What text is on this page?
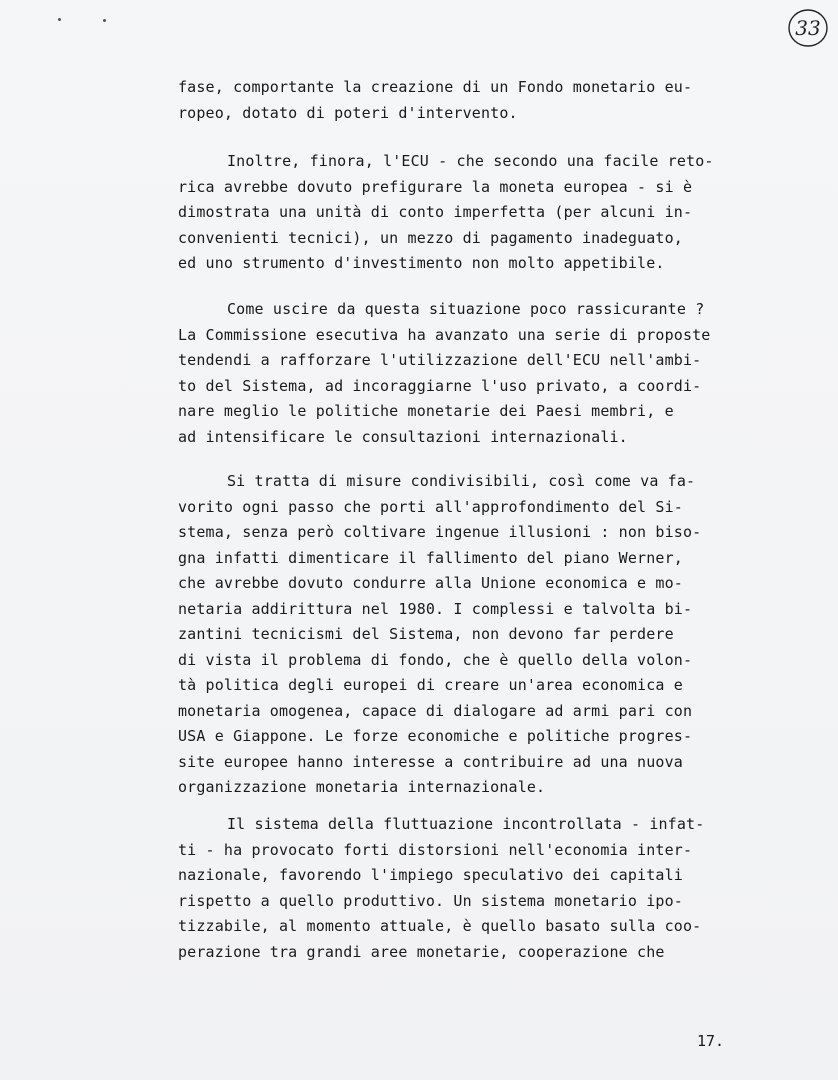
33
fase, comportante la creazione di un Fondo monetario eu-
ropeo, dotato di poteri d'intervento.
Inoltre, finora, l'ECU - che secondo una facile reto-
rica avrebbe dovuto prefigurare la moneta europea - si è
dimostrata una unità di conto imperfetta (per alcuni in-
convenienti tecnici), un mezzo di pagamento inadeguato,
ed uno strumento d'investimento non molto appetibile.
Come uscire da questa situazione poco rassicurante ?
La Commissione esecutiva ha avanzato una serie di proposte
tendendi a rafforzare l'utilizzazione dell'ECU nell'ambi-
to del Sistema, ad incoraggiarne l'uso privato, a coordi-
nare meglio le politiche monetarie dei Paesi membri, e
ad intensificare le consultazioni internazionali.
Si tratta di misure condivisibili, così come va fa-
vorito ogni passo che porti all'approfondimento del Si-
stema, senza però coltivare ingenue illusioni : non biso-
gna infatti dimenticare il fallimento del piano Werner,
che avrebbe dovuto condurre alla Unione economica e mo-
netaria addirittura nel 1980. I complessi e talvolta bi-
zantini tecnicismi del Sistema, non devono far perdere
di vista il problema di fondo, che è quello della volon-
tà politica degli europei di creare un'area economica e
monetaria omogenea, capace di dialogare ad armi pari con
USA e Giappone. Le forze economiche e politiche progres-
site europee hanno interesse a contribuire ad una nuova
organizzazione monetaria internazionale.
Il sistema della fluttuazione incontrollata - infat-
ti - ha provocato forti distorsioni nell'economia inter-
nazionale, favorendo l'impiego speculativo dei capitali
rispetto a quello produttivo. Un sistema monetario ipo-
tizzabile, al momento attuale, è quello basato sulla coo-
perazione tra grandi aree monetarie, cooperazione che
17.
